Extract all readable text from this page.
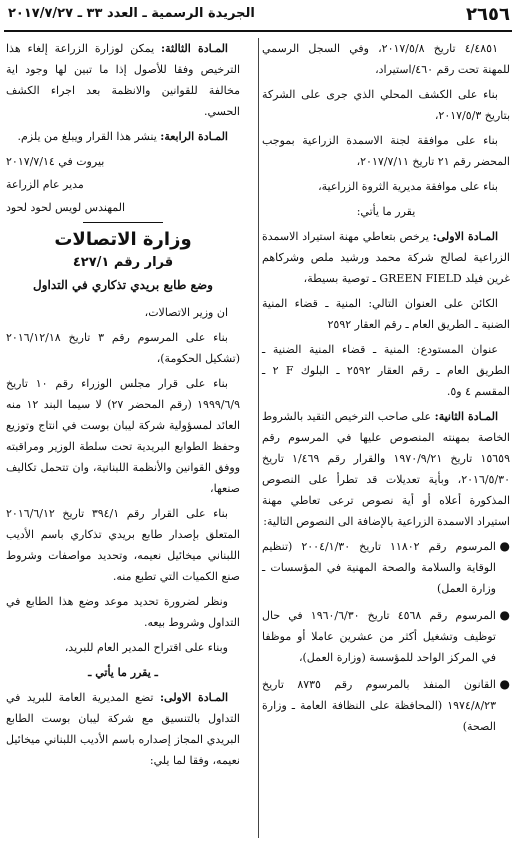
٢٦٥٦
الجريدة الرسمية ـ العدد ٣٣ ـ ٢٠١٧/٧/٢٧

٤/٤٨٥١ تاريخ ٢٠١٧/٥/٨، وفي السجل الرسمي للمهنة تحت رقم ٤٦٠/استيراد،

بناء على الكشف المحلي الذي جرى على الشركة بتاريخ ٢٠١٧/٥/٣،

بناء على موافقة لجنة الاسمدة الزراعية بموجب المحضر رقم ٢١ تاريخ ٢٠١٧/٧/١١،

بناء على موافقة مديرية الثروة الزراعية،

يقرر ما يأتي:

المـادة الاولى: يرخص بتعاطي مهنة استيراد الاسمدة الزراعية لصالح شركة محمد ورشيد ملص وشركاهم غرين فيلد GREEN FIELD ـ توصية بسيطة،

الكائن على العنوان التالي: المنية ـ قضاء المنية الضنية ـ الطريق العام ـ رقم العقار ٢٥٩٢

عنوان المستودع: المنية ـ قضاء المنية الضنية ـ الطريق العام ـ رقم العقار ٢٥٩٢ ـ البلوك F ٢ ـ المقسم ٤ و٥.

المـادة الثانية: على صاحب الترخيص التقيد بالشروط الخاصة بمهنته المنصوص عليها في المرسوم رقم ١٥٦٥٩ تاريخ ١٩٧٠/٩/٢١ والقرار رقم ١/٤٦٩ تاريخ ٢٠١٦/٥/٣٠، وبأية تعديلات قد تطرأ على النصوص المذكورة أعلاه أو أية نصوص ترعى تعاطي مهنة استيراد الاسمدة الزراعية بالإضافة الى النصوص التالية:

●
المرسوم رقم ١١٨٠٢ تاريخ ٢٠٠٤/١/٣٠ (تنظيم الوقاية والسلامة والصحة المهنية في المؤسسات ـ وزارة العمل)
●
المرسوم رقم ٤٥٦٨ تاريخ ١٩٦٠/٦/٣٠ في حال توظيف وتشغيل أكثر من عشرين عاملا أو موظفا في المركز الواحد للمؤسسة (وزارة العمل)،
●
القانون المنفذ بالمرسوم رقم ٨٧٣٥ تاريخ ١٩٧٤/٨/٢٣ (المحافظة على النظافة العامة ـ وزارة الصحة)

المـادة الثالثة: يمكن لوزارة الزراعة إلغاء هذا الترخيص وفقا للأصول إذا ما تبين لها وجود اية مخالفة للقوانين والانظمة بعد اجراء الكشف الحسي.

المـادة الرابعة: ينشر هذا القرار ويبلغ من يلزم.

بيروت في ٢٠١٧/٧/١٤

مدير عام الزراعة

المهندس لويس لحود لحود

وزارة الاتصالات
قرار رقم ٤٢٧/١
وضع طابع بريدي تذكاري في التداول

ان وزير الاتصالات،

بناء على المرسوم رقم ٣ تاريخ ٢٠١٦/١٢/١٨ (تشكيل الحكومة)،

بناء على قرار مجلس الوزراء رقم ١٠ تاريخ ١٩٩٩/٦/٩ (رقم المحضر ٢٧) لا سيما البند ١٢ منه العائد لمسؤولية شركة ليبان بوست في انتاج وتوزيع وحفظ الطوابع البريدية تحت سلطة الوزير ومراقبته ووفق القوانين والأنظمة اللبنانية، وان تتحمل تكاليف صنعها،

بناء على القرار رقم ٣٩٤/١ تاريخ ٢٠١٦/٦/١٢ المتعلق بإصدار طابع بريدي تذكاري باسم الأديب اللبناني ميخائيل نعيمه، وتحديد مواصفات وشروط صنع الكميات التي تطبع منه.

ونظر لضرورة تحديد موعد وضع هذا الطابع في التداول وشروط بيعه.

وبناء على اقتراح المدير العام للبريد،

ـ يقرر ما يأتي ـ

المـادة الاولى: تضع المديرية العامة للبريد في التداول بالتنسيق مع شركة ليبان بوست الطابع البريدي المجاز إصداره باسم الأديب اللبناني ميخائيل نعيمه، وفقا لما يلي:
